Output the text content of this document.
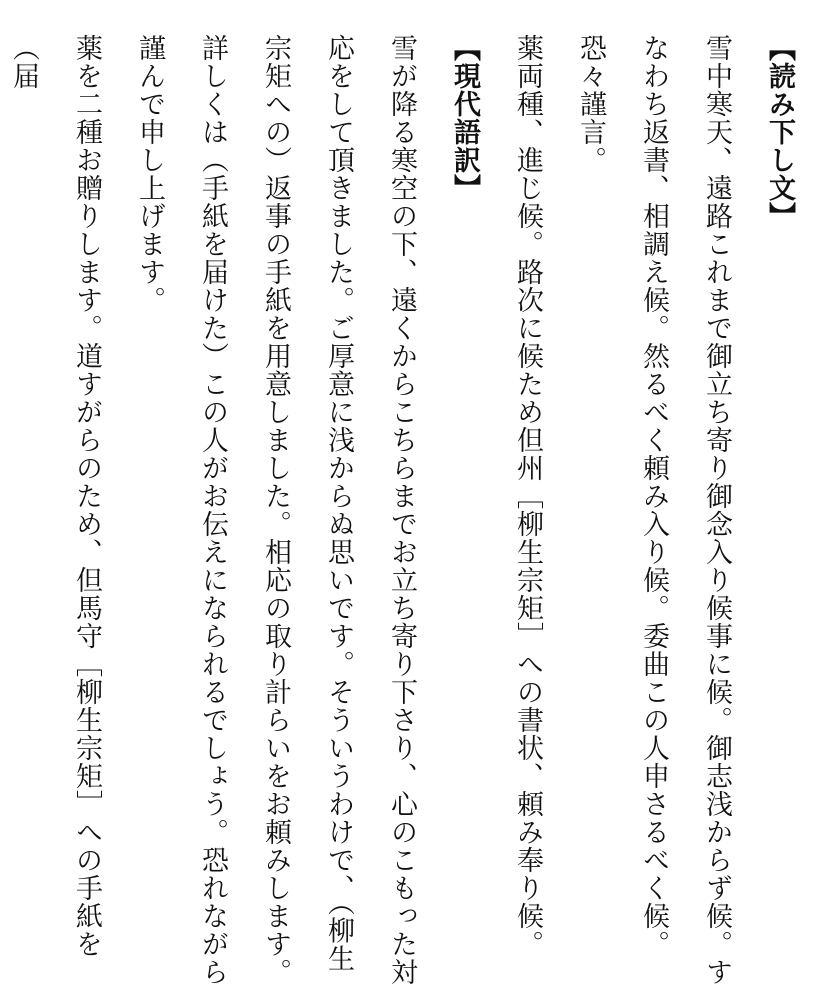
【読み下し文】
雪中寒天、遠路これまで御立ち寄り御念入り候事に候。御志浅からず候。すなわち返書、相調え候。然るべく頼み入り候。委曲この人申さるべく候。恐々謹言。
薬両種、進じ候。路次に候ため但州［柳生宗矩］への書状、頼み奉り候。
【現代語訳】
雪が降る寒空の下、遠くからこちらまでお立ち寄り下さり、心のこもった対応をして頂きました。ご厚意に浅からぬ思いです。そういうわけで、（柳生宗矩への）返事の手紙を用意しました。相応の取り計らいをお頼みします。詳しくは（手紙を届けた）この人がお伝えになられるでしょう。恐れながら謹んで申し上げます。
薬を二種お贈りします。道すがらのため、但馬守［柳生宗矩］への手紙を（届
